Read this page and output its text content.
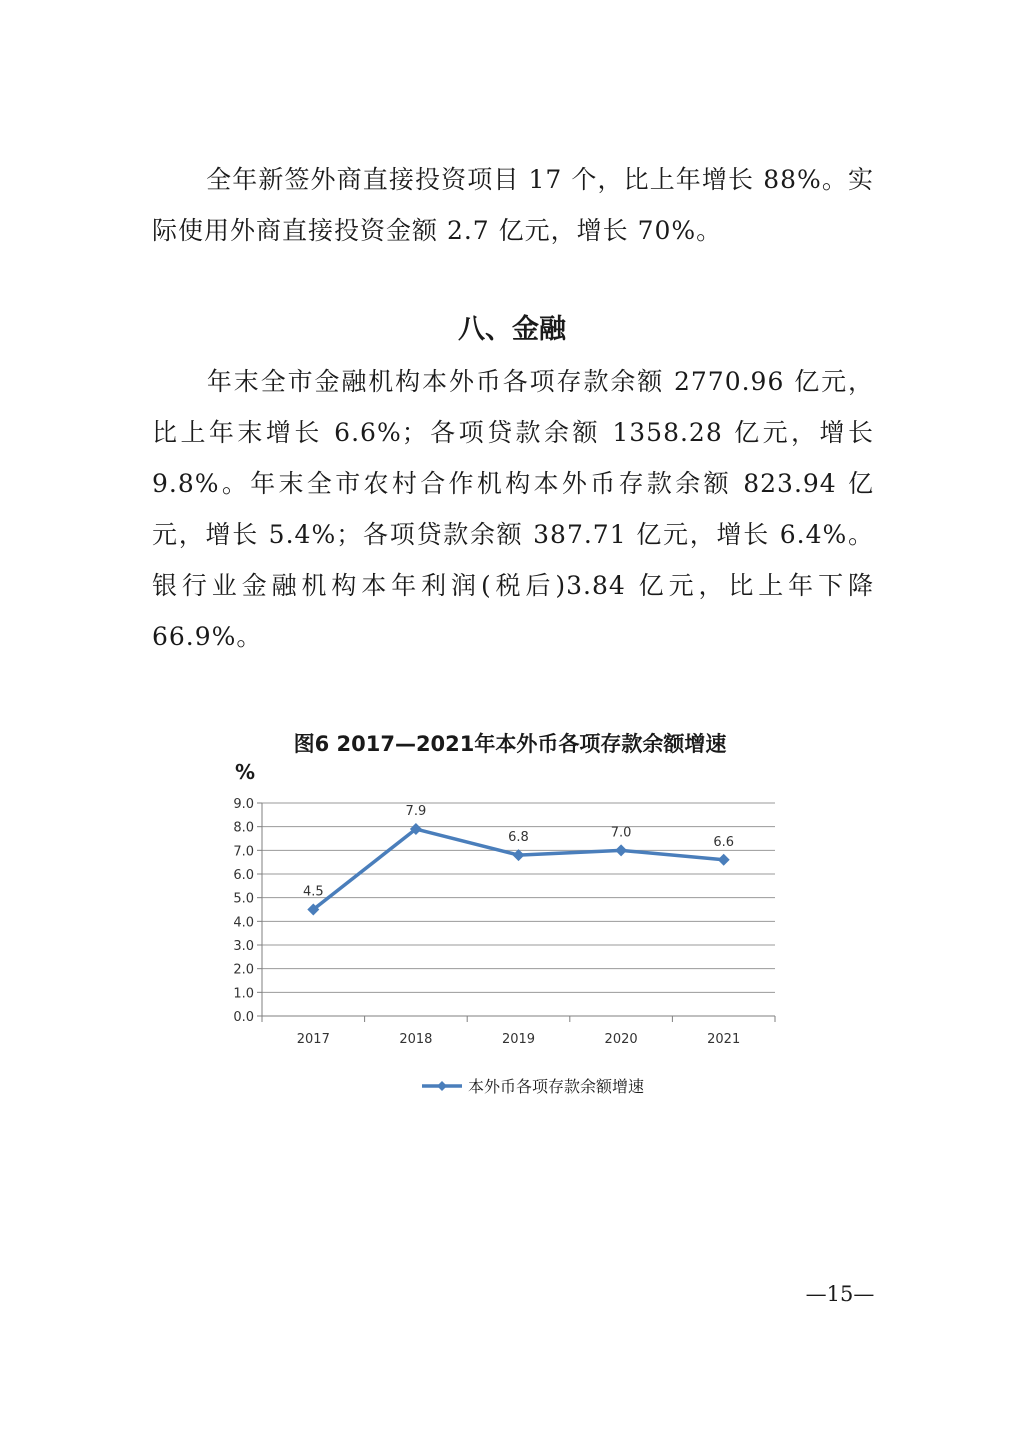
全年新签外商直接投资项目 17 个，比上年增长 88%。实际使用外商直接投资金额 2.7 亿元，增长 70%。

八、金融

年末全市金融机构本外币各项存款余额 2770.96 亿元，比上年末增长 6.6%；各项贷款余额 1358.28 亿元，增长 9.8%。年末全市农村合作机构本外币存款余额 823.94 亿元，增长 5.4%；各项贷款余额 387.71 亿元，增长 6.4%。银行业金融机构本年利润(税后)3.84 亿元，比上年下降 66.9%。

图6 2017—2021年本外币各项存款余额增速
%
0.0
1.0
2.0
3.0
4.0
5.0
6.0
7.0
8.0
9.0
2017	2018	2019	2020	2021
4.5
7.9
6.8	7.0
6.6
本外币各项存款余额增速
—15—
